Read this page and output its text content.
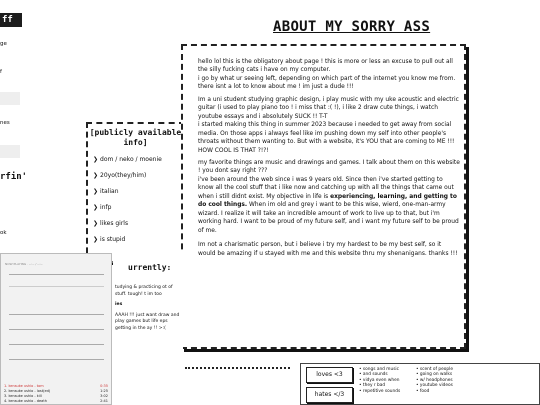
ff
ge
f
nes
rfin'
ok
ABOUT MY SORRY ASS
[publicly available info]
❯ dom / neko / moenie
❯ 20yo(they/him)
❯ italian
❯ infp
❯ likes girls
❯ is stupid

hello lol this is the obligatory about page ! this is more or less an excuse to pull out all the silly fucking cats i have on my computer.
i go by what ur seeing left, depending on which part of the internet you know me from.
there isnt a lot to know about me ! im just a dude !!!

Im a uni student studying graphic design, i play music with my uke acoustic and electric guitar (i used to play piano too ! i miss that :( !), i like 2 draw cute things, i watch youtube essays and i absolutely SUCK !! T-T
i started making this thing in summer 2023 because i needed to get away from social media. On those apps i always feel like im pushing down my self into other people's throats without them wanting to. But with a website, it's YOU that are coming to ME !!! HOW COOL IS THAT ?!?!

my favorite things are music and drawings and games. I talk about them on this website ! you dont say right ???
i've been around the web since i was 9 years old. Since then i've started getting to know all the cool stuff that i like now and catching up with all the things that came out when i still didnt exist. My objective in life is experiencing, learning, and getting to do cool things. When im old and grey i want to be this wise, wierd, one-man-army wizard. I realize it will take an incredible amount of work to live up to that, but i'm working hard. I want to be proud of my future self, and i want my future self to be proud of me.

Im not a charismatic person, but i believe i try my hardest to be my best self, so it would be amazing if u stayed with me and this website thru my shenanigans. thanks !!!

NOW PLAYING · --:-- / --:--
1. kensuke ushio - tom	0:35
2. kensuke ushio - lost(ed)	1:25
3. kensuke ushio - kill	3:02
4. kensuke ushio - death	2:41
urrently:
tudying & practicing ot of stuff. tough! t im too
ies
AAAH !!! just want draw and play games but life eps getting in the ay !! >:(
loves <3
hates </3
• songs and music
• and sounds
• vidya even when
• they r bad
• repetitive sounds
• scent of people
• going on walks
• w/ headphones
• youtube videos
• food
